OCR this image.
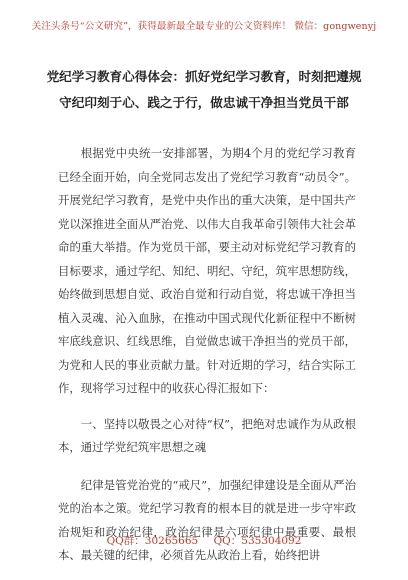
关注头条号“公文研究”，获得最新最全最专业的公文资料库！ 微信：gongwenyj
党纪学习教育心得体会：抓好党纪学习教育，时刻把遵规
守纪印刻于心、践之于行，做忠诚干净担当党员干部

根据党中央统一安排部署，为期4个月的党纪学习教育已经全面开始，向全党同志发出了党纪学习教育“动员令”。开展党纪学习教育，是党中央作出的重大决策，是中国共产党以深推进全面从严治党、以伟大自我革命引领伟大社会革命的重大举措。作为党员干部，要主动对标党纪学习教育的目标要求，通过学纪、知纪、明纪、守纪，筑牢思想防线，始终做到思想自觉、政治自觉和行动自觉，将忠诚干净担当植入灵魂、沁入血脉，在推动中国式现代化新征程中不断树牢底线意识、红线思维，自觉做忠诚干净担当的党员干部，为党和人民的事业贡献力量。针对近期的学习，结合实际工作，现将学习过程中的收获心得汇报如下：

一、坚持以敬畏之心对待“权”，把绝对忠诚作为从政根本，通过学党纪筑牢思想之魂

纪律是管党治党的“戒尺”，加强纪律建设是全面从严治党的治本之策。党纪学习教育的根本目的就是进一步守牢政治规矩和政治纪律，政治纪律是六项纪律中最重要、最根本、最关键的纪律，必须首先从政治上看，始终把讲

QQ群：30265665 QQ：535304092
